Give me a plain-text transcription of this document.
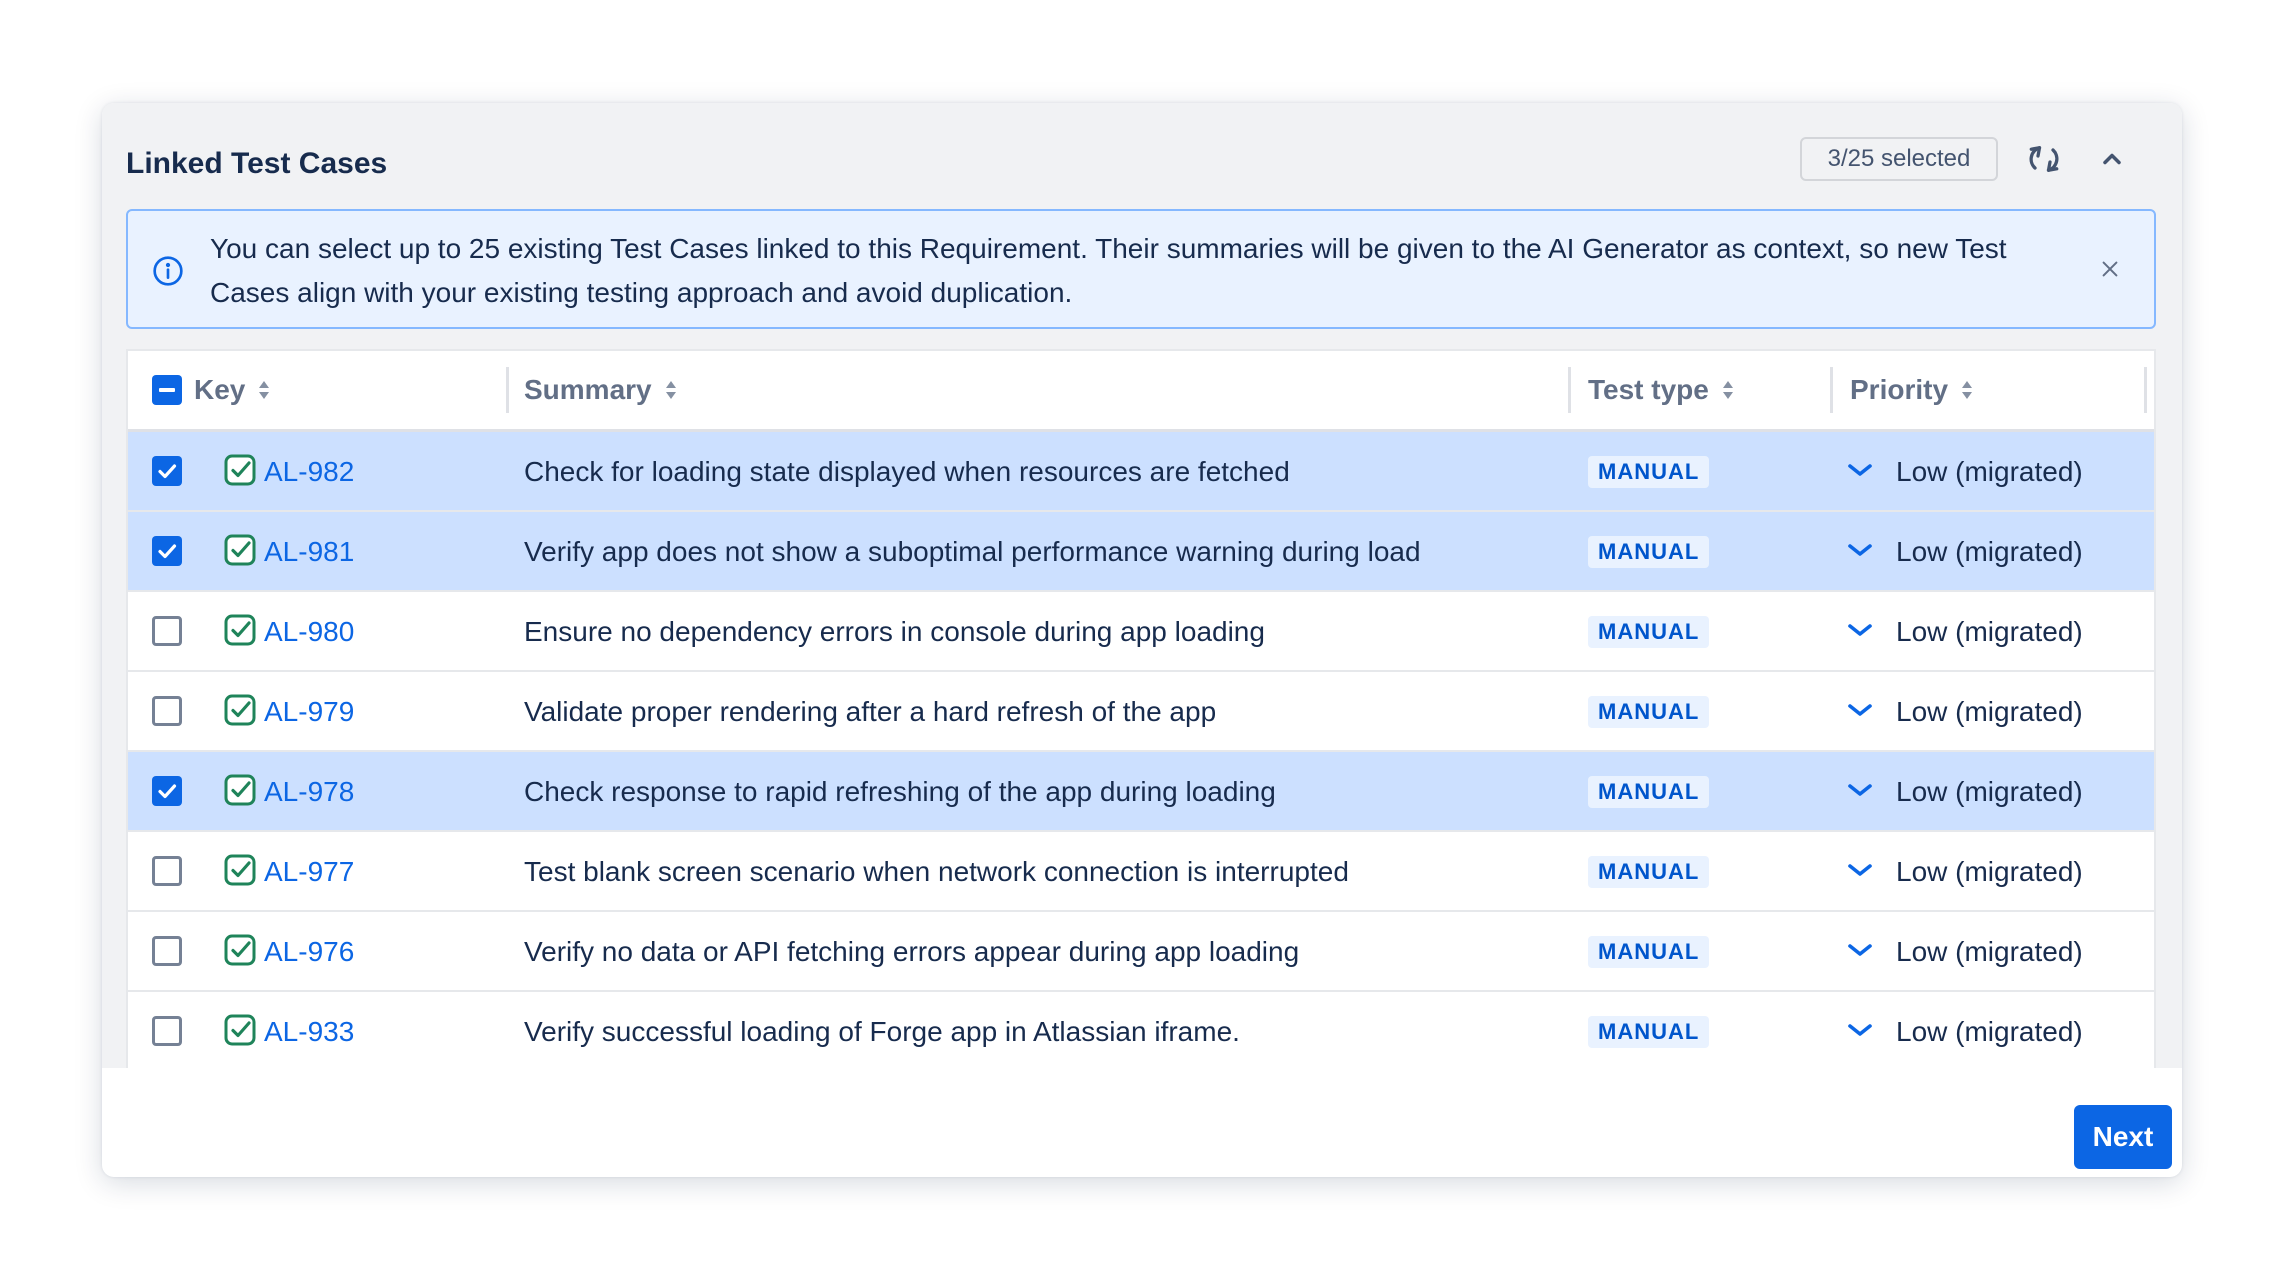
Linked Test Cases	3/25 selected
You can select up to 25 existing Test Cases linked to this Requirement. Their summaries will be given to the AI Generator as context, so new Test Cases align with your existing testing approach and avoid duplication.
Key	Summary	Test type	Priority
AL-982	Check for loading state displayed when resources are fetched	MANUAL	Low (migrated)
AL-981	Verify app does not show a suboptimal performance warning during load	MANUAL	Low (migrated)
AL-980	Ensure no dependency errors in console during app loading	MANUAL	Low (migrated)
AL-979	Validate proper rendering after a hard refresh of the app	MANUAL	Low (migrated)
AL-978	Check response to rapid refreshing of the app during loading	MANUAL	Low (migrated)
AL-977	Test blank screen scenario when network connection is interrupted	MANUAL	Low (migrated)
AL-976	Verify no data or API fetching errors appear during app loading	MANUAL	Low (migrated)
AL-933	Verify successful loading of Forge app in Atlassian iframe.	MANUAL	Low (migrated)
Next
